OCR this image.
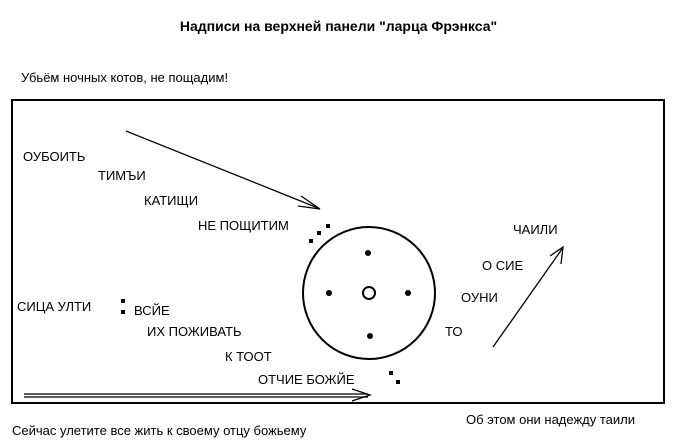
Надписи на верхней панели "ларца Фрэнкса"
Убьём ночных котов, не пощадим!
ОУБОИТЬ
ТИМЪИ
КАТИЩИ
НЕ ПОЩИТИМ
СИЦА УЛТИ	ВСЙЕ
ИХ ПОЖИВАТЬ
К ТООТ
ОТЧИЕ БОЖЙЕ
ЧАИЛИ
О СИЕ
ОУНИ
ТО
Сейчас улетите все жить к своему отцу божьему
Об этом они надежду таили
